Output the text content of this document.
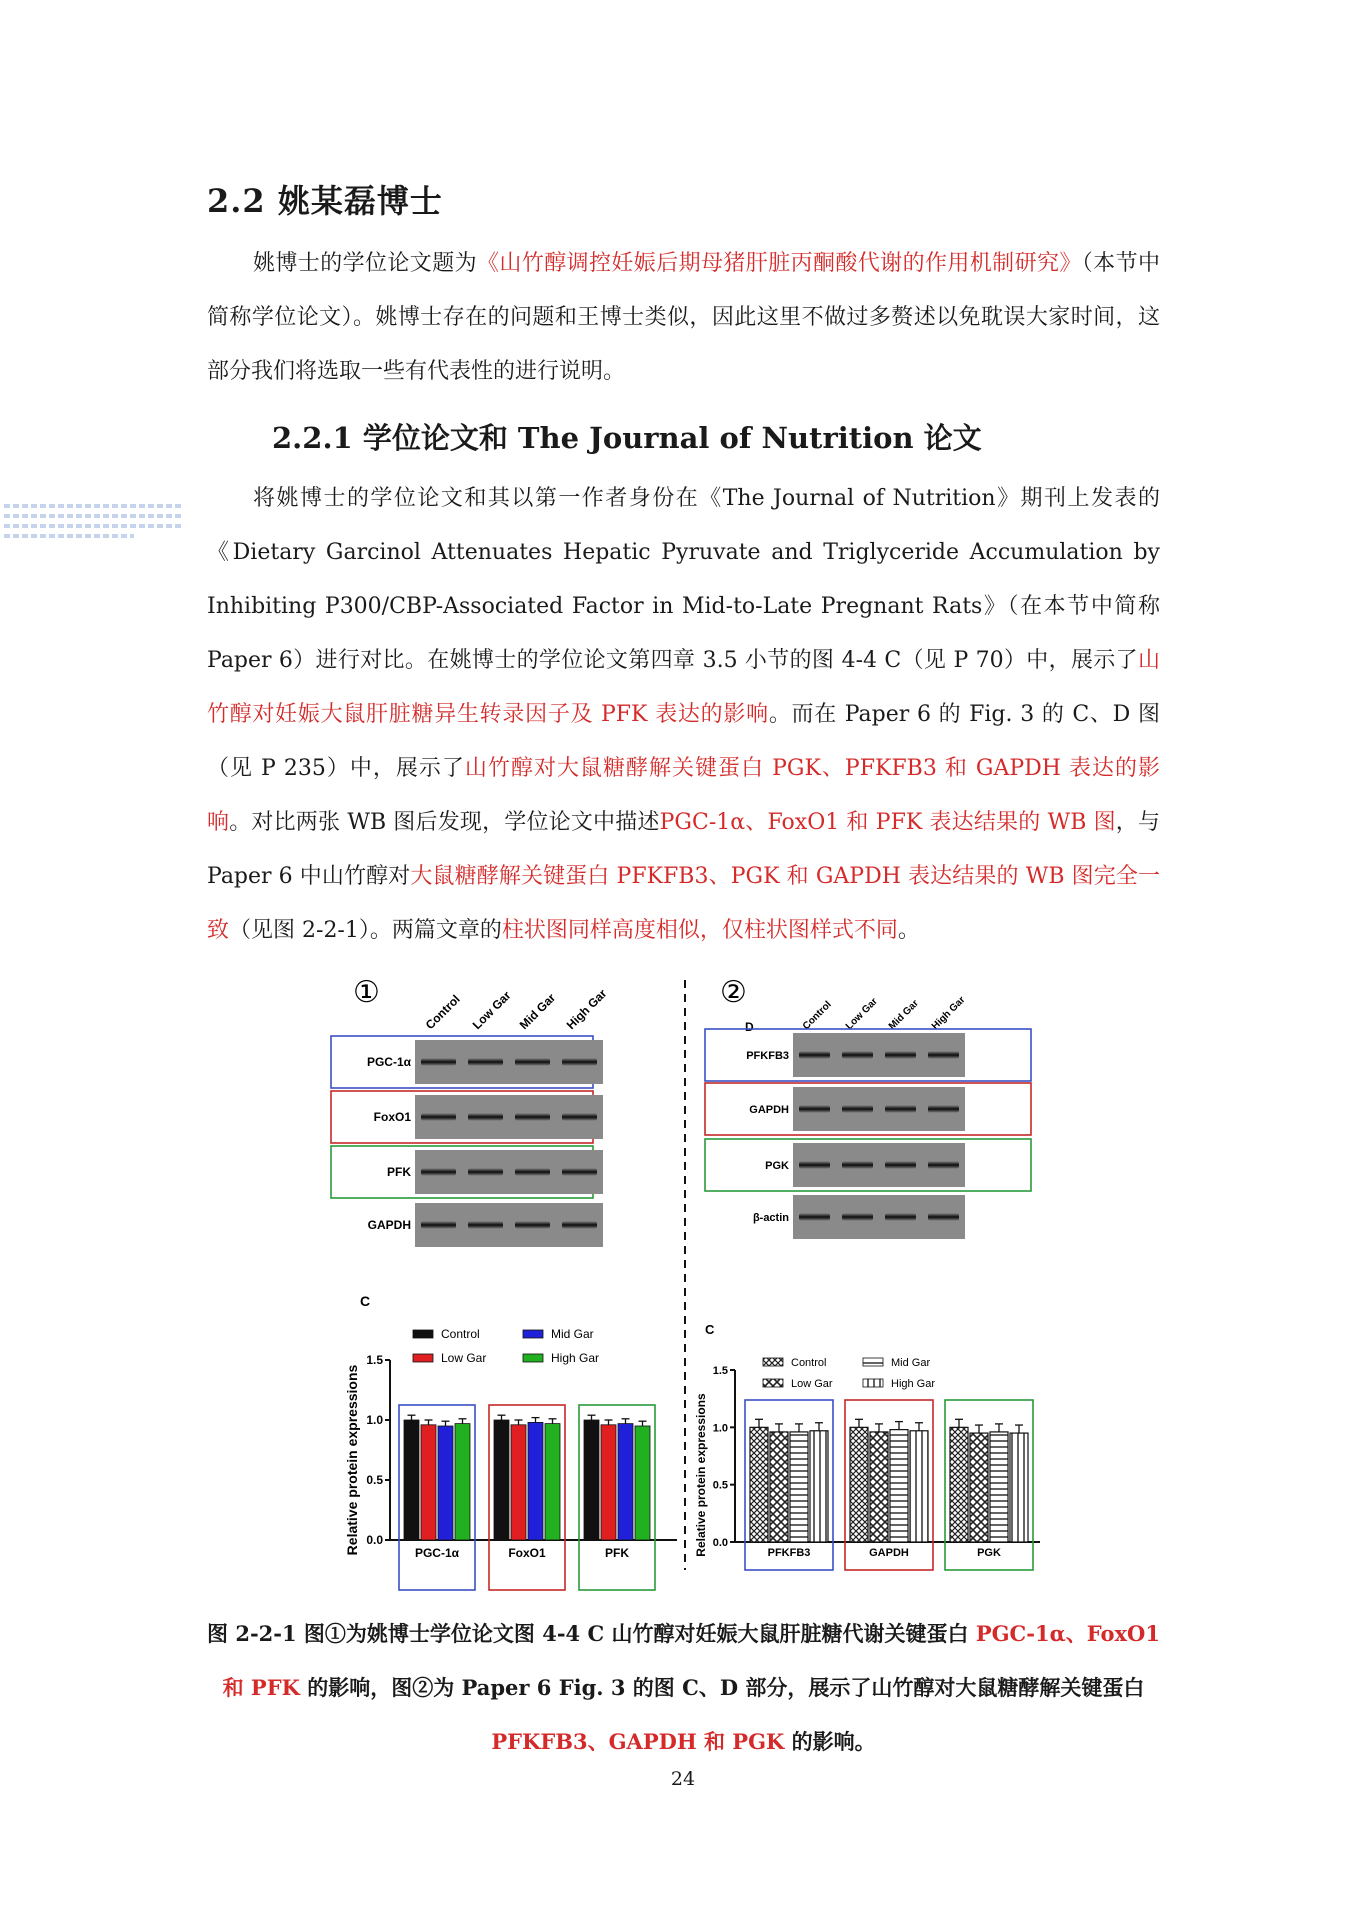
2.2 姚某磊博士

姚博士的学位论文题为《山竹醇调控妊娠后期母猪肝脏丙酮酸代谢的作用机制研究》（本节中简称学位论文）。姚博士存在的问题和王博士类似，因此这里不做过多赘述以免耽误大家时间，这部分我们将选取一些有代表性的进行说明。

2.2.1 学位论文和 The Journal of Nutrition 论文

将姚博士的学位论文和其以第一作者身份在《The Journal of Nutrition》期刊上发表的《Dietary Garcinol Attenuates Hepatic Pyruvate and Triglyceride Accumulation by Inhibiting P300/CBP-Associated Factor in Mid-to-Late Pregnant Rats》（在本节中简称 Paper 6）进行对比。在姚博士的学位论文第四章 3.5 小节的图 4-4 C（见 P 70）中，展示了山竹醇对妊娠大鼠肝脏糖异生转录因子及 PFK 表达的影响。而在 Paper 6 的 Fig. 3 的 C、D 图（见 P 235）中，展示了山竹醇对大鼠糖酵解关键蛋白 PGK、PFKFB3 和 GAPDH 表达的影响。对比两张 WB 图后发现，学位论文中描述PGC-1α、FoxO1 和 PFK 表达结果的 WB 图，与 Paper 6 中山竹醇对大鼠糖酵解关键蛋白 PFKFB3、PGK 和 GAPDH 表达结果的 WB 图完全一致（见图 2-2-1）。两篇文章的柱状图同样高度相似，仅柱状图样式不同。

①	Control Low Gar Mid Gar High Gar
PGC-1α
FoxO1
PFK
GAPDH
②
D	Control Low Gar Mid Gar High Gar
PFKFB3
GAPDH
PGK
β-actin
C
Relative protein expressions 0.0
0.5
1.0
1.5
PGC-1α	FoxO1	PFK
Control	Mid Gar
Low Gar	High Gar
C
Relative protein expressions 0.0
0.5
1.0
1.5
PFKFB3	GAPDH	PGK
Control	Mid Gar
Low Gar	High Gar
图 2-2-1 图①为姚博士学位论文图 4-4 C 山竹醇对妊娠大鼠肝脏糖代谢关键蛋白 PGC-1α、FoxO1 和 PFK 的影响，图②为 Paper 6 Fig. 3 的图 C、D 部分，展示了山竹醇对大鼠糖酵解关键蛋白 PFKFB3、GAPDH 和 PGK 的影响。
24
